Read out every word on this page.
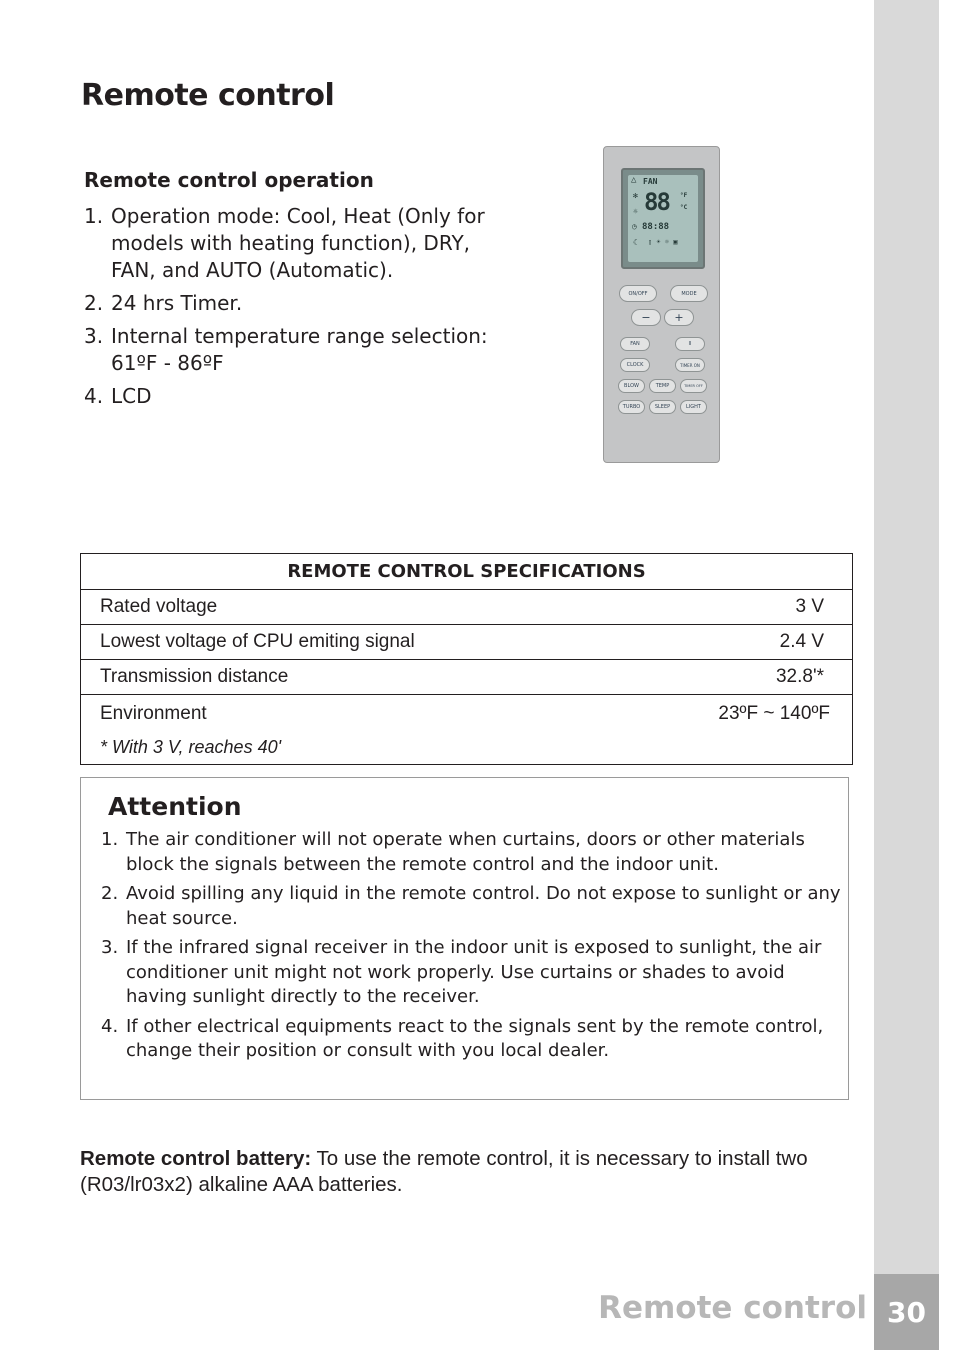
Remote control
Remote control operation
1. Operation mode: Cool, Heat (Only for models with heating function), DRY, FAN, and AUTO (Automatic).
2. 24 hrs Timer.
3. Internal temperature range selection: 61ºF - 86ºF
4. LCD
△ FAN
✻ 88 °F
°C
☼
◷ 88:88
☾ ▯ ☀ ☼ ▣
ON/OFF	MODE
−	+
FAN	II
CLOCK	TIMER ON
BLOW	TEMP	TIMER OFF
TURBO	SLEEP	LIGHT
REMOTE CONTROL SPECIFICATIONS
Rated voltage	3 V
Lowest voltage of CPU emiting signal	2.4 V
Transmission distance	32.8'*
Environment	23ºF ~ 140ºF
* With 3 V, reaches 40'
Attention
1. The air conditioner will not operate when curtains, doors or other materials block the signals between the remote control and the indoor unit.
2. Avoid spilling any liquid in the remote control. Do not expose to sunlight or any heat source.
3. If the infrared signal receiver in the indoor unit is exposed to sunlight, the air conditioner unit might not work properly. Use curtains or shades to avoid having sunlight directly to the receiver.
4. If other electrical equipments react to the signals sent by the remote control, change their position or consult with you local dealer.
Remote control battery: To use the remote control, it is necessary to install two (R03/lr03x2) alkaline AAA batteries.
Remote control 30
